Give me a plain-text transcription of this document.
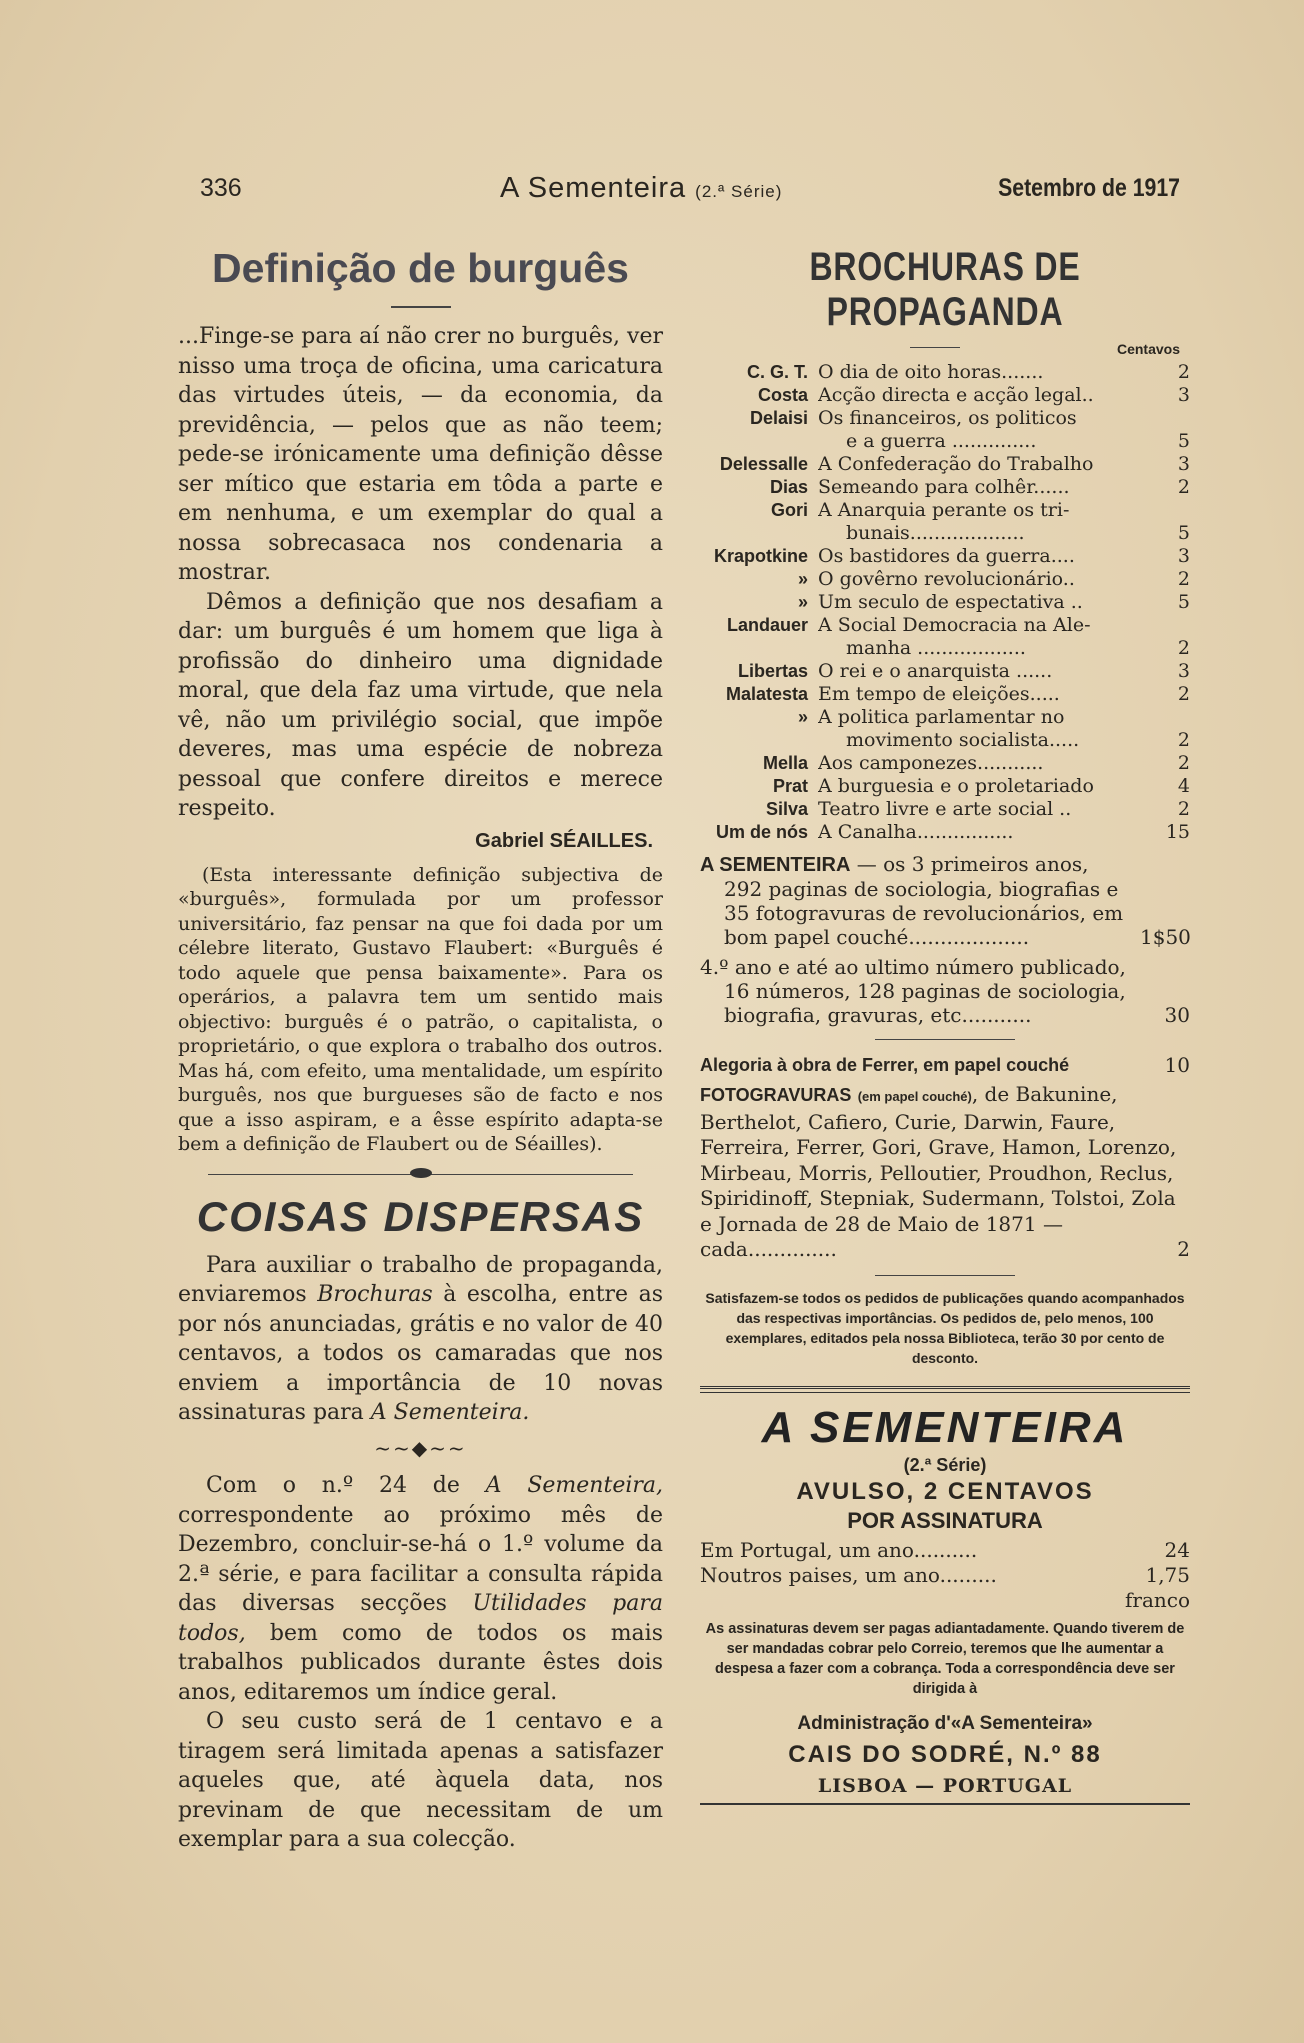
336	A Sementeira (2.ª Série)	Setembro de 1917
Definição de burguês

...Finge-se para aí não crer no burguês, ver nisso uma troça de oficina, uma caricatura das virtudes úteis, — da economia, da previdência, — pelos que as não teem; pede-se irónicamente uma definição dêsse ser mítico que estaria em tôda a parte e em nenhuma, e um exemplar do qual a nossa sobrecasaca nos condenaria a mostrar.

Dêmos a definição que nos desafiam a dar: um burguês é um homem que liga à profissão do dinheiro uma dignidade moral, que dela faz uma virtude, que nela vê, não um privilégio social, que impõe deveres, mas uma espécie de nobreza pessoal que confere direitos e merece respeito.

Gabriel SÉAILLES.

(Esta interessante definição subjectiva de «burguês», formulada por um professor universitário, faz pensar na que foi dada por um célebre literato, Gustavo Flaubert: «Burguês é todo aquele que pensa baixamente». Para os operários, a palavra tem um sentido mais objectivo: burguês é o patrão, o capitalista, o proprietário, o que explora o trabalho dos outros. Mas há, com efeito, uma mentalidade, um espírito burguês, nos que burgueses são de facto e nos que a isso aspiram, e a êsse espírito adapta-se bem a definição de Flaubert ou de Séailles).

COISAS DISPERSAS

Para auxiliar o trabalho de propaganda, enviaremos Brochuras à escolha, entre as por nós anunciadas, grátis e no valor de 40 centavos, a todos os camaradas que nos enviem a importância de 10 novas assinaturas para A Sementeira.

~~◆~~

Com o n.º 24 de A Sementeira, correspondente ao próximo mês de Dezembro, concluir-se-há o 1.º volume da 2.ª série, e para facilitar a consulta rápida das diversas secções Utilidades para todos, bem como de todos os mais trabalhos publicados durante êstes dois anos, editaremos um índice geral.

O seu custo será de 1 centavo e a tiragem será limitada apenas a satisfazer aqueles que, até àquela data, nos previnam de que necessitam de um exemplar para a sua colecção.

BROCHURAS DE PROPAGANDA
Centavos
C. G. T. O dia de oito horas.......	2
Costa Acção directa e acção legal..	3
Delaisi Os financeiros, os politicos
e a guerra ..............	5
Delessalle A Confederação do Trabalho	3
Dias Semeando para colhêr......	2
Gori A Anarquia perante os tri-
bunais...................	5
Krapotkine Os bastidores da guerra....	3
» O govêrno revolucionário..	2
» Um seculo de espectativa ..	5
Landauer A Social Democracia na Ale-
manha ..................	2
Libertas O rei e o anarquista ......	3
Malatesta Em tempo de eleições.....	2
» A politica parlamentar no
movimento socialista.....	2
Mella Aos camponezes...........	2
Prat A burguesia e o proletariado	4
Silva Teatro livre e arte social ..	2
Um de nós A Canalha................	15
A SEMENTEIRA — os 3 primeiros anos,
292 paginas de sociologia, biografias e
35 fotogravuras de revolucionários, em
bom papel couché...................	1$50
4.º ano e até ao ultimo número publicado,
16 números, 128 paginas de sociologia,
biografia, gravuras, etc...........	30
Alegoria à obra de Ferrer, em papel couché	10
FOTOGRAVURAS (em papel couché), de Bakunine, Berthelot, Cafiero, Curie, Darwin, Faure, Ferreira, Ferrer, Gori, Grave, Hamon, Lorenzo, Mirbeau, Morris, Pelloutier, Proudhon, Reclus, Spiridinoff, Stepniak, Sudermann, Tolstoi, Zola e Jornada de 28 de Maio de 1871 — cada..............	2
Satisfazem-se todos os pedidos de publicações quando acompanhados das respectivas importâncias. Os pedidos de, pelo menos, 100 exemplares, editados pela nossa Biblioteca, terão 30 por cento de desconto.
A SEMENTEIRA
(2.ª Série)
AVULSO, 2 CENTAVOS
POR ASSINATURA
Em Portugal, um ano..........	24
Noutros paises, um ano.........	1,75 franco
As assinaturas devem ser pagas adiantadamente. Quando tiverem de ser mandadas cobrar pelo Correio, teremos que lhe aumentar a despesa a fazer com a cobrança. Toda a correspondência deve ser dirigida à
Administração d'«A Sementeira»
CAIS DO SODRÉ, N.º 88
LISBOA — PORTUGAL
